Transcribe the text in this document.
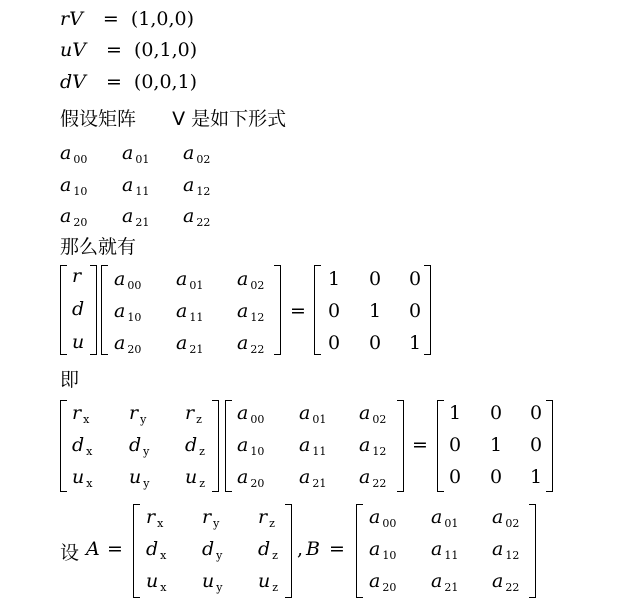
rV = (1,0,0)
uV = (0,1,0)
dV = (0,0,1)
假设矩阵 V 是如下形式
a $_{00}$ a $_{01}$ a $_{02}$
a $_{10}$ a $_{11}$ a $_{12}$
a $_{20}$ a $_{21}$ a $_{22}$
那么就有
r
d
u
a $_{00}$ a $_{01}$ a $_{02}$
a $_{10}$ a $_{11}$ a $_{12}$
a $_{20}$ a $_{21}$ a $_{22}$
=
1 0 0
0 1 0
0 0 1
即
r $_x$ r $_y$ r $_z$
d $_x$ d $_y$ d $_z$
u $_x$ u $_y$ u $_z$
a $_{00}$ a $_{01}$ a $_{02}$
a $_{10}$ a $_{11}$ a $_{12}$
a $_{20}$ a $_{21}$ a $_{22}$
=
1 0 0
0 1 0
0 0 1
设 A =
r $_x$ r $_y$ r $_z$
d $_x$ d $_y$ d $_z$
u $_x$ u $_y$ u $_z$
, B =
a $_{00}$ a $_{01}$ a $_{02}$
a $_{10}$ a $_{11}$ a $_{12}$
a $_{20}$ a $_{21}$ a $_{22}$
